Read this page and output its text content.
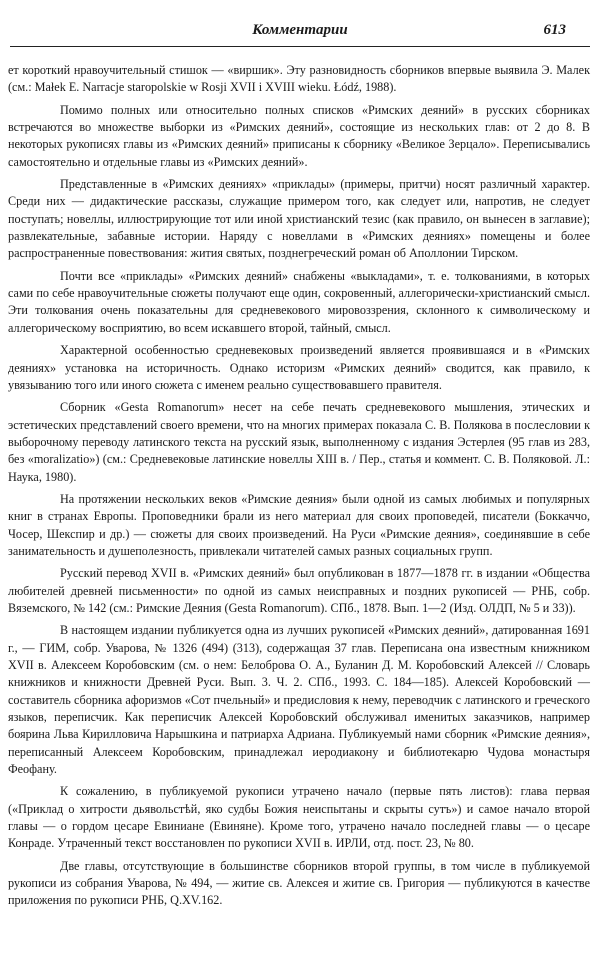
Комментарии	613

ет короткий нравоучительный стишок — «виршик». Эту разновидность сборников впервые выявила Э. Малек (см.: Małek E. Narracje staropolskie w Rosji XVII i XVIII wieku. Łódź, 1988).

Помимо полных или относительно полных списков «Римских деяний» в русских сборниках встречаются во множестве выборки из «Римских деяний», состоящие из нескольких глав: от 2 до 8. В некоторых рукописях главы из «Римских деяний» приписаны к сборнику «Великое Зерцало». Переписывались самостоятельно и отдельные главы из «Римских деяний».

Представленные в «Римских деяниях» «приклады» (примеры, притчи) носят различный характер. Среди них — дидактические рассказы, служащие примером того, как следует или, напротив, не следует поступать; новеллы, иллюстрирующие тот или иной христианский тезис (как правило, он вынесен в заглавие); развлекательные, забавные истории. Наряду с новеллами в «Римских деяниях» помещены и более распространенные повествования: жития святых, позднегреческий роман об Аполлонии Тирском.

Почти все «приклады» «Римских деяний» снабжены «выкладами», т. е. толкованиями, в которых сами по себе нравоучительные сюжеты получают еще один, сокровенный, аллегорически-христианский смысл. Эти толкования очень показательны для средневекового мировоззрения, склонного к символическому и аллегорическому восприятию, во всем искавшего второй, тайный, смысл.

Характерной особенностью средневековых произведений является проявившаяся и в «Римских деяниях» установка на историчность. Однако историзм «Римских деяний» сводится, как правило, к увязыванию того или иного сюжета с именем реально существовавшего правителя.

Сборник «Gesta Romanorum» несет на себе печать средневекового мышления, этических и эстетических представлений своего времени, что на многих примерах показала С. В. Полякова в послесловии к выборочному переводу латинского текста на русский язык, выполненному с издания Эстерлея (95 глав из 283, без «moralizatio») (см.: Средневековые латинские новеллы XIII в. / Пер., статья и коммент. С. В. Поляковой. Л.: Наука, 1980).

На протяжении нескольких веков «Римские деяния» были одной из самых любимых и популярных книг в странах Европы. Проповедники брали из него материал для своих проповедей, писатели (Боккаччо, Чосер, Шекспир и др.) — сюжеты для своих произведений. На Руси «Римские деяния», соединявшие в себе занимательность и душеполезность, привлекали читателей самых разных социальных групп.

Русский перевод XVII в. «Римских деяний» был опубликован в 1877—1878 гг. в издании «Общества любителей древней письменности» по одной из самых неисправных и поздних рукописей — РНБ, собр. Вяземского, № 142 (см.: Римские Деяния (Gesta Romanorum). СПб., 1878. Вып. 1—2 (Изд. ОЛДП, № 5 и 33)).

В настоящем издании публикуется одна из лучших рукописей «Римских деяний», датированная 1691 г., — ГИМ, собр. Уварова, № 1326 (494) (313), содержащая 37 глав. Переписана она известным книжником XVII в. Алексеем Коробовским (см. о нем: Белоброва О. А., Буланин Д. М. Коробовский Алексей // Словарь книжников и книжности Древней Руси. Вып. 3. Ч. 2. СПб., 1993. С. 184—185). Алексей Коробовский — составитель сборника афоризмов «Сот пчельный» и предисловия к нему, переводчик с латинского и греческого языков, переписчик. Как переписчик Алексей Коробовский обслуживал именитых заказчиков, например боярина Льва Кирилловича Нарышкина и патриарха Адриана. Публикуемый нами сборник «Римские деяния», переписанный Алексеем Коробовским, принадлежал иеродиакону и библиотекарю Чудова монастыря Феофану.

К сожалению, в публикуемой рукописи утрачено начало (первые пять листов): глава первая («Приклад о хитрости дьявольстѣй, яко судбы Божия неиспытаны и скрыты сутъ») и самое начало второй главы — о гордом цесаре Евиниане (Евиняне). Кроме того, утрачено начало последней главы — о цесаре Конраде. Утраченный текст восстановлен по рукописи XVII в. ИРЛИ, отд. пост. 23, № 80.

Две главы, отсутствующие в большинстве сборников второй группы, в том числе в публикуемой рукописи из собрания Уварова, № 494, — житие св. Алексея и житие св. Григория — публикуются в качестве приложения по рукописи РНБ, Q.XV.162.
